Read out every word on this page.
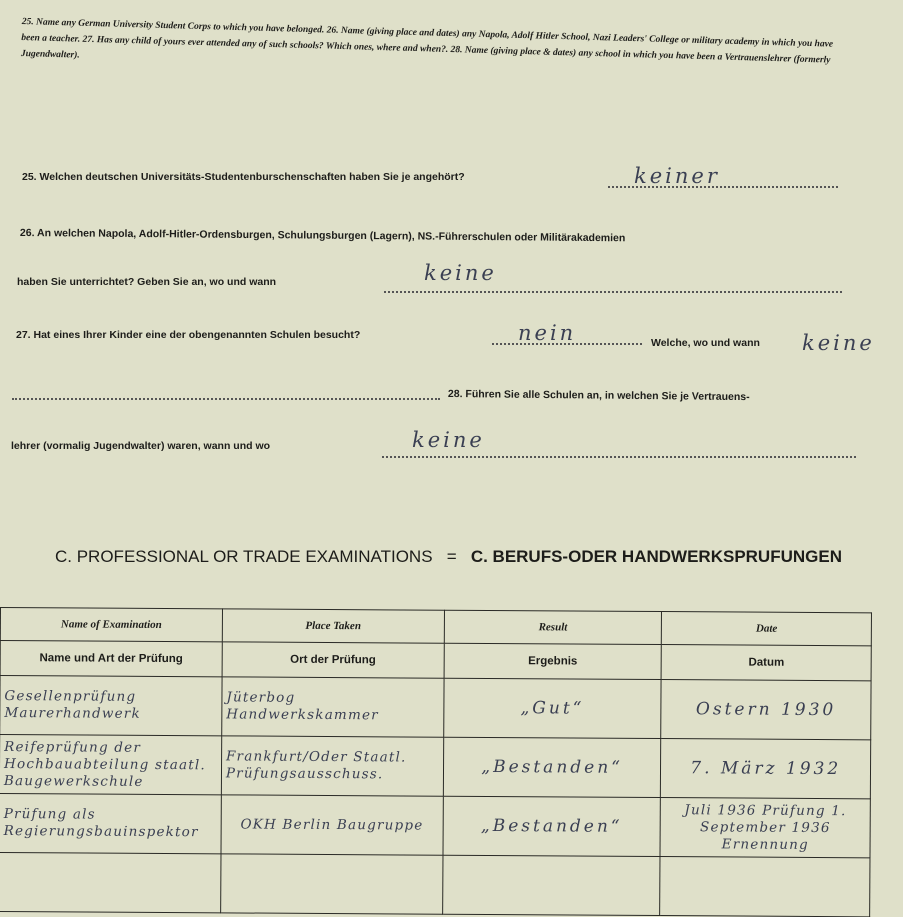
25. Name any German University Student Corps to which you have belonged. 26. Name (giving place and dates) any Napola, Adolf Hitler School, Nazi Leaders' College or military academy in which you have been a teacher. 27. Has any child of yours ever attended any of such schools? Which ones, where and when?. 28. Name (giving place & dates) any school in which you have been a Vertrauenslehrer (formerly Jugendwalter).
25. Welchen deutschen Universitäts-Studentenburschenschaften haben Sie je angehört?	keiner
26. An welchen Napola, Adolf-Hitler-Ordensburgen, Schulungsburgen (Lagern), NS.-Führerschulen oder Militärakademien
haben Sie unterrichtet? Geben Sie an, wo und wann	keine
27. Hat eines Ihrer Kinder eine der obengenannten Schulen besucht?	nein	Welche, wo und wann keine
28. Führen Sie alle Schulen an, in welchen Sie je Vertrauens-
lehrer (vormalig Jugendwalter) waren, wann und wo	keine
C. PROFESSIONAL OR TRADE EXAMINATIONS = C. BERUFS-ODER HANDWERKSPRUFUNGEN
Name of Examination	Place Taken	Result	Date
Name und Art der Prüfung	Ort der Prüfung	Ergebnis	Datum
Gesellenprüfung Maurerhandwerk	Jüterbog Handwerkskammer	„Gut“	Ostern 1930
Reifeprüfung der Hochbauabteilung staatl. Baugewerkschule	Frankfurt/Oder Staatl. Prüfungsausschuss.	„Bestanden“	7. März 1932
Prüfung als Regierungsbauinspektor	OKH Berlin Baugruppe	„Bestanden“	Juli 1936 Prüfung 1. September 1936 Ernennung
